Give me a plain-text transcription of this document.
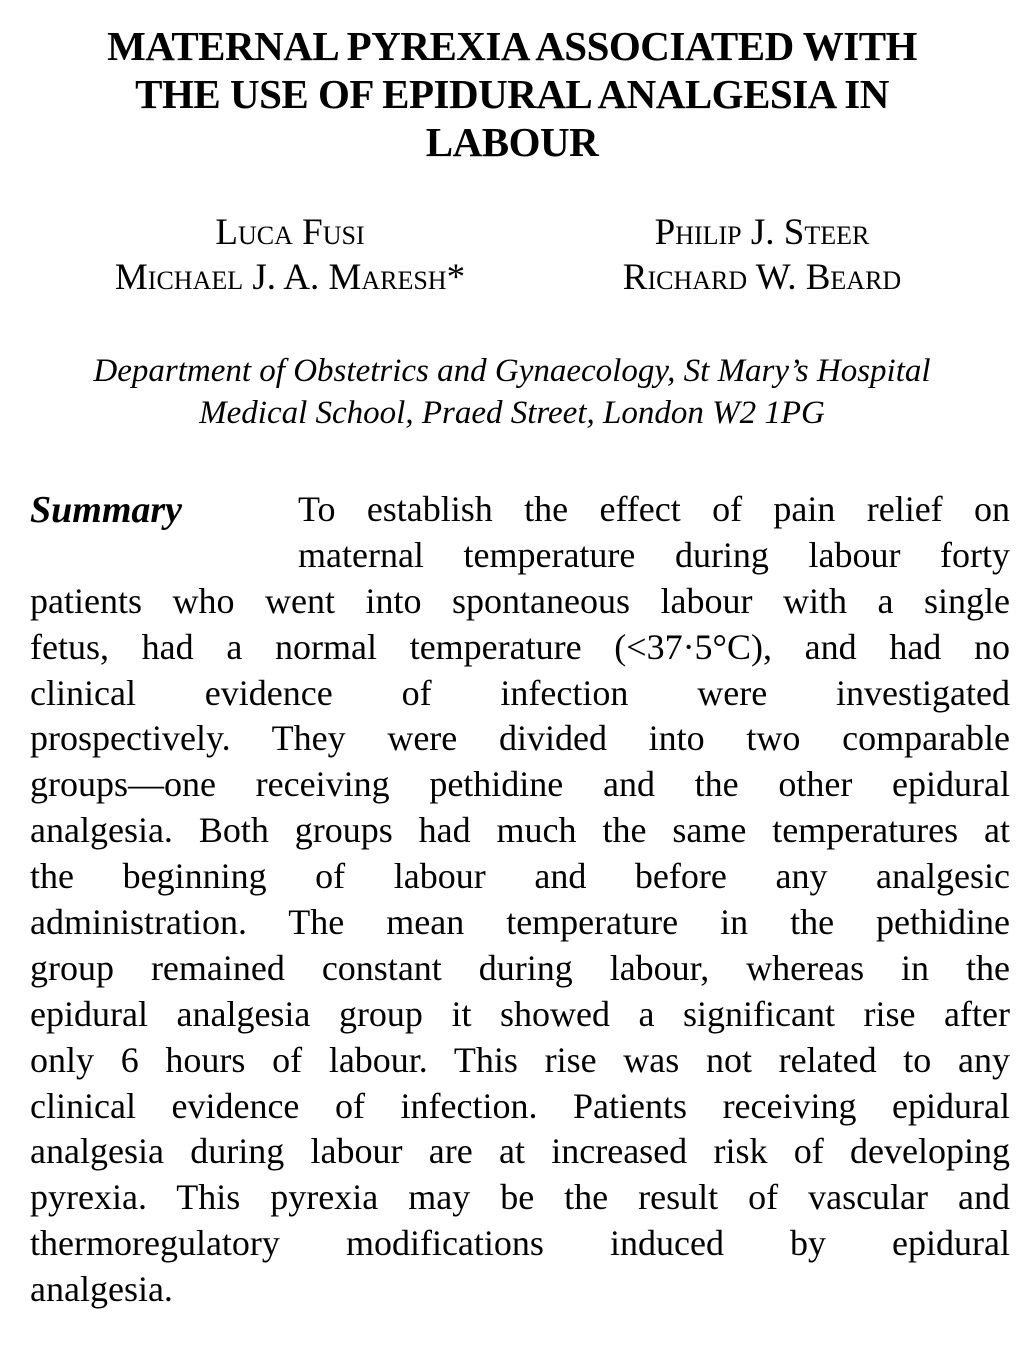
MATERNAL PYREXIA ASSOCIATED WITH
THE USE OF EPIDURAL ANALGESIA IN
LABOUR
Luca Fusi
Michael J. A. Maresh*
Philip J. Steer
Richard W. Beard
Department of Obstetrics and Gynaecology, St Mary’s Hospital
Medical School, Praed Street, London W2 1PG
Summary	To establish the effect of pain relief on
maternal temperature during labour forty
patients who went into spontaneous labour with a single
fetus, had a normal temperature (<37·5°C), and had no
clinical evidence of infection were investigated
prospectively. They were divided into two comparable
groups—one receiving pethidine and the other epidural
analgesia. Both groups had much the same temperatures at
the beginning of labour and before any analgesic
administration. The mean temperature in the pethidine
group remained constant during labour, whereas in the
epidural analgesia group it showed a significant rise after
only 6 hours of labour. This rise was not related to any
clinical evidence of infection. Patients receiving epidural
analgesia during labour are at increased risk of developing
pyrexia. This pyrexia may be the result of vascular and
thermoregulatory modifications induced by epidural
analgesia.
